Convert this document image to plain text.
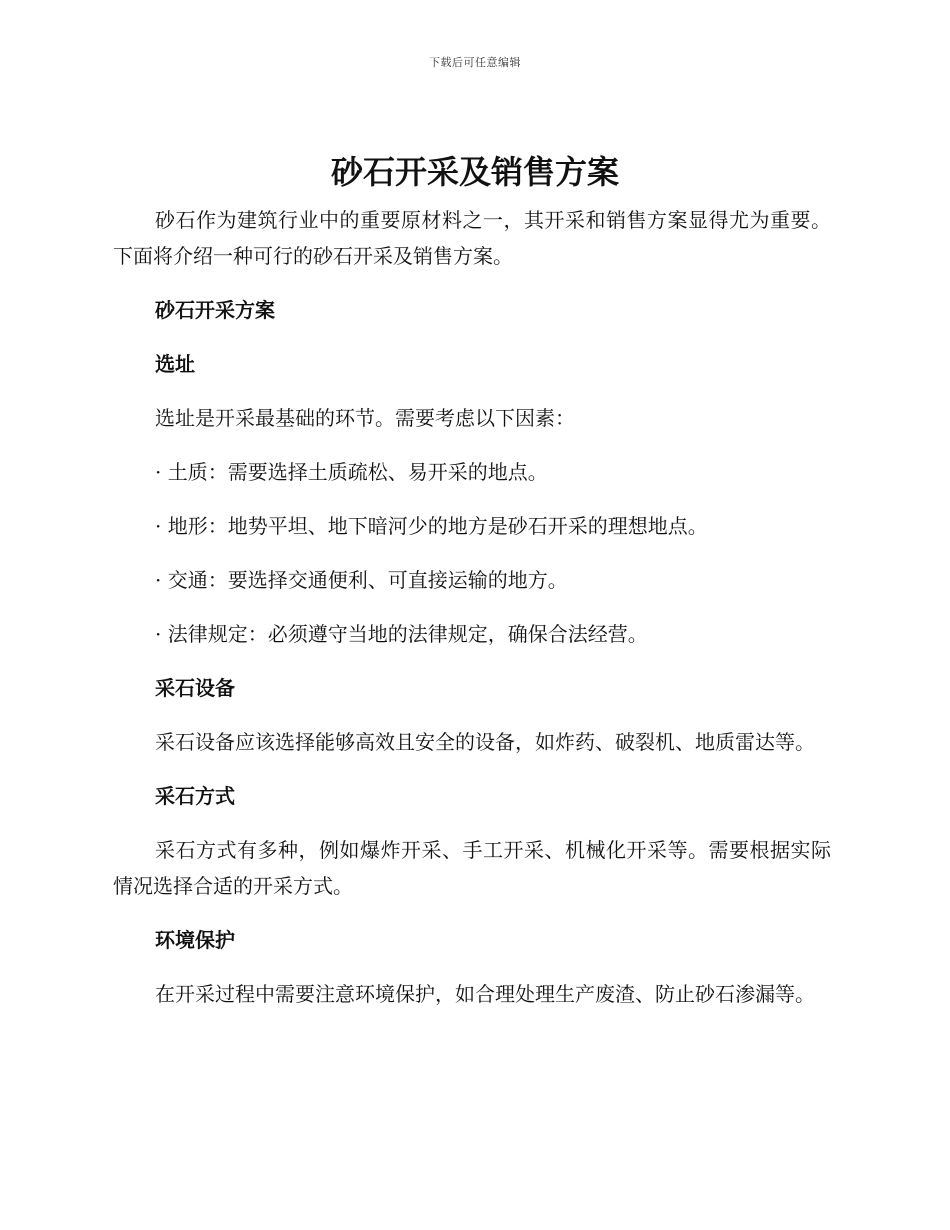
下载后可任意编辑
砂石开采及销售方案

砂石作为建筑行业中的重要原材料之一，其开采和销售方案显得尤为重要。下面将介绍一种可行的砂石开采及销售方案。

砂石开采方案

选址

选址是开采最基础的环节。需要考虑以下因素：

· 土质：需要选择土质疏松、易开采的地点。

· 地形：地势平坦、地下暗河少的地方是砂石开采的理想地点。

· 交通：要选择交通便利、可直接运输的地方。

· 法律规定：必须遵守当地的法律规定，确保合法经营。

采石设备

采石设备应该选择能够高效且安全的设备，如炸药、破裂机、地质雷达等。

采石方式

采石方式有多种，例如爆炸开采、手工开采、机械化开采等。需要根据实际情况选择合适的开采方式。

环境保护

在开采过程中需要注意环境保护，如合理处理生产废渣、防止砂石渗漏等。
